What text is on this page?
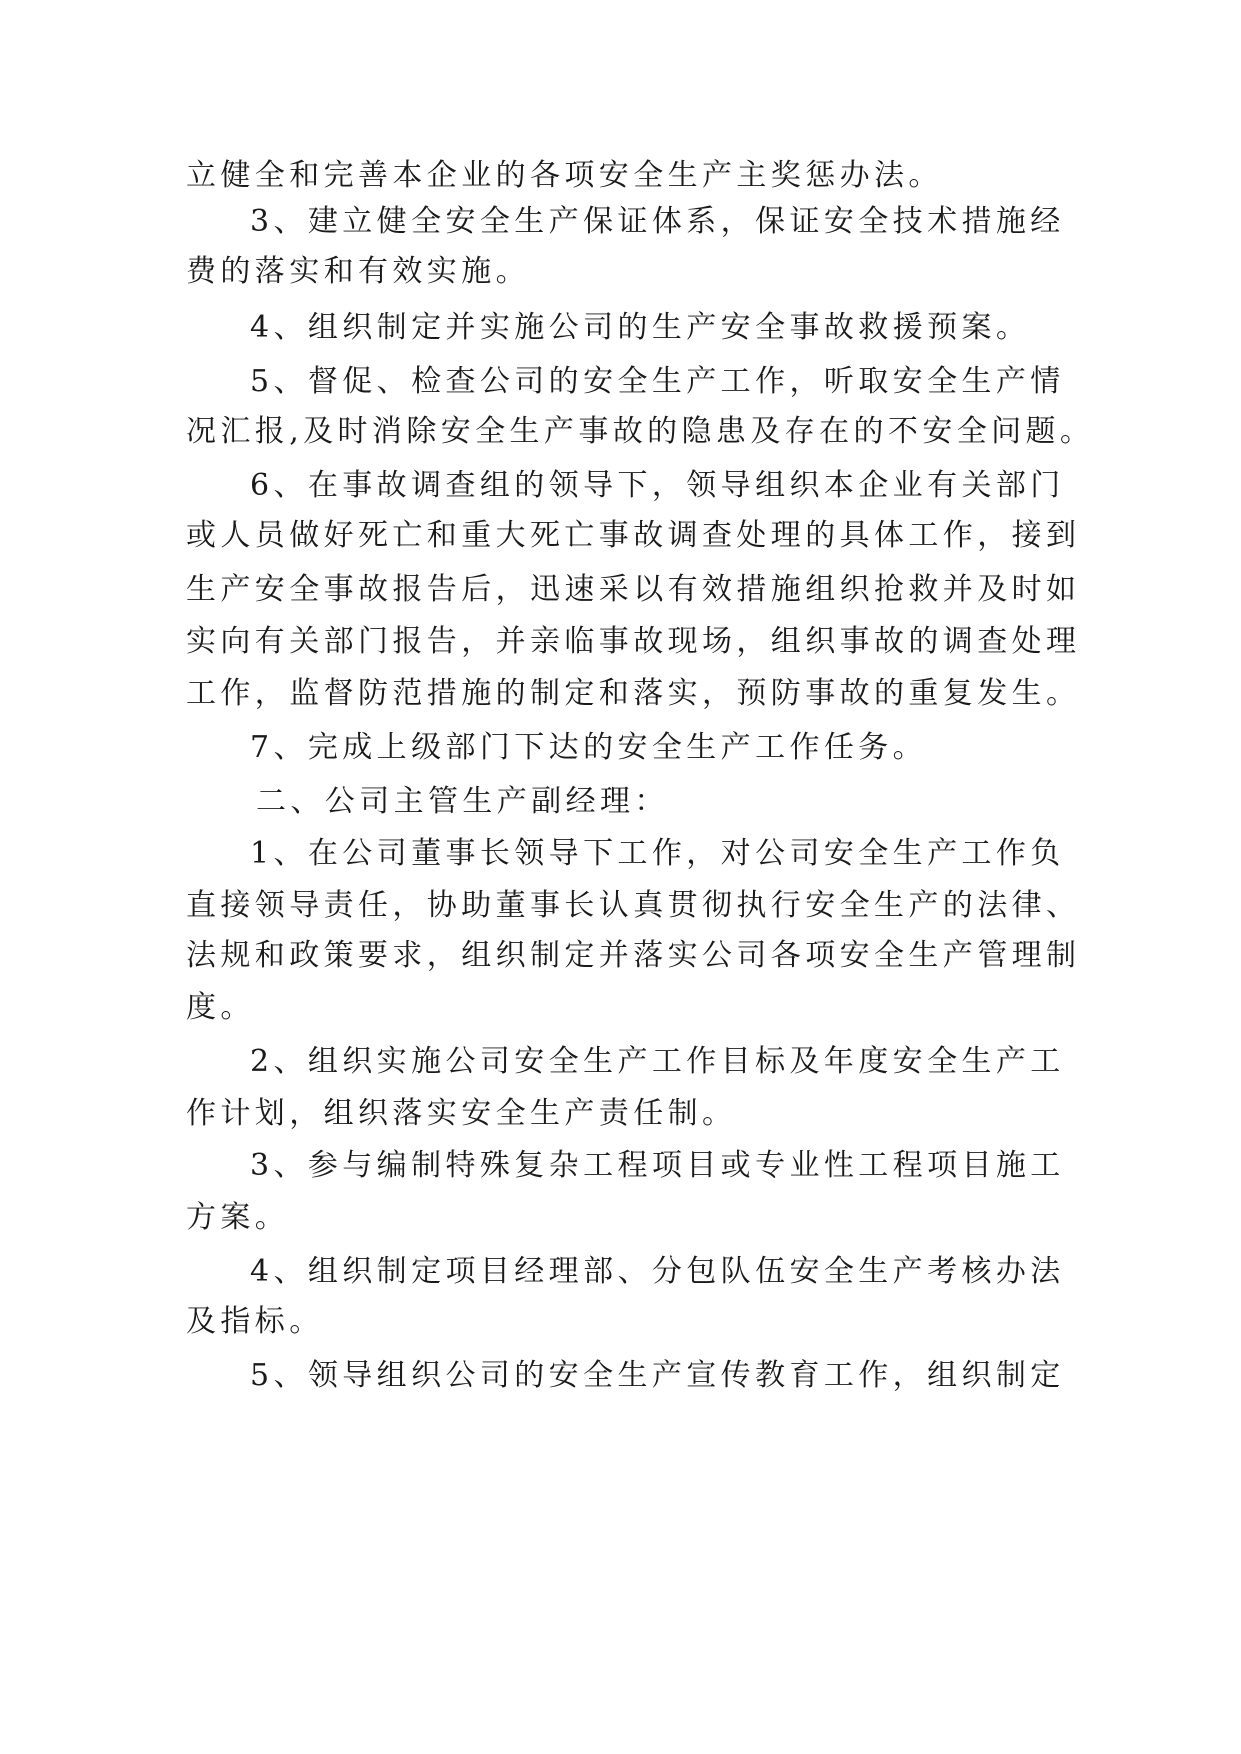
立健全和完善本企业的各项安全生产主奖惩办法。
3、建立健全安全生产保证体系，保证安全技术措施经
费的落实和有效实施。
4、组织制定并实施公司的生产安全事故救援预案。
5、督促、检查公司的安全生产工作，听取安全生产情
况汇报,及时消除安全生产事故的隐患及存在的不安全问题。
6、在事故调查组的领导下，领导组织本企业有关部门
或人员做好死亡和重大死亡事故调查处理的具体工作，接到
生产安全事故报告后，迅速采以有效措施组织抢救并及时如
实向有关部门报告，并亲临事故现场，组织事故的调查处理
工作，监督防范措施的制定和落实，预防事故的重复发生。
7、完成上级部门下达的安全生产工作任务。
二、公司主管生产副经理：
1、在公司董事长领导下工作，对公司安全生产工作负
直接领导责任，协助董事长认真贯彻执行安全生产的法律、
法规和政策要求，组织制定并落实公司各项安全生产管理制
度。
2、组织实施公司安全生产工作目标及年度安全生产工
作计划，组织落实安全生产责任制。
3、参与编制特殊复杂工程项目或专业性工程项目施工
方案。
4、组织制定项目经理部、分包队伍安全生产考核办法
及指标。
5、领导组织公司的安全生产宣传教育工作，组织制定
